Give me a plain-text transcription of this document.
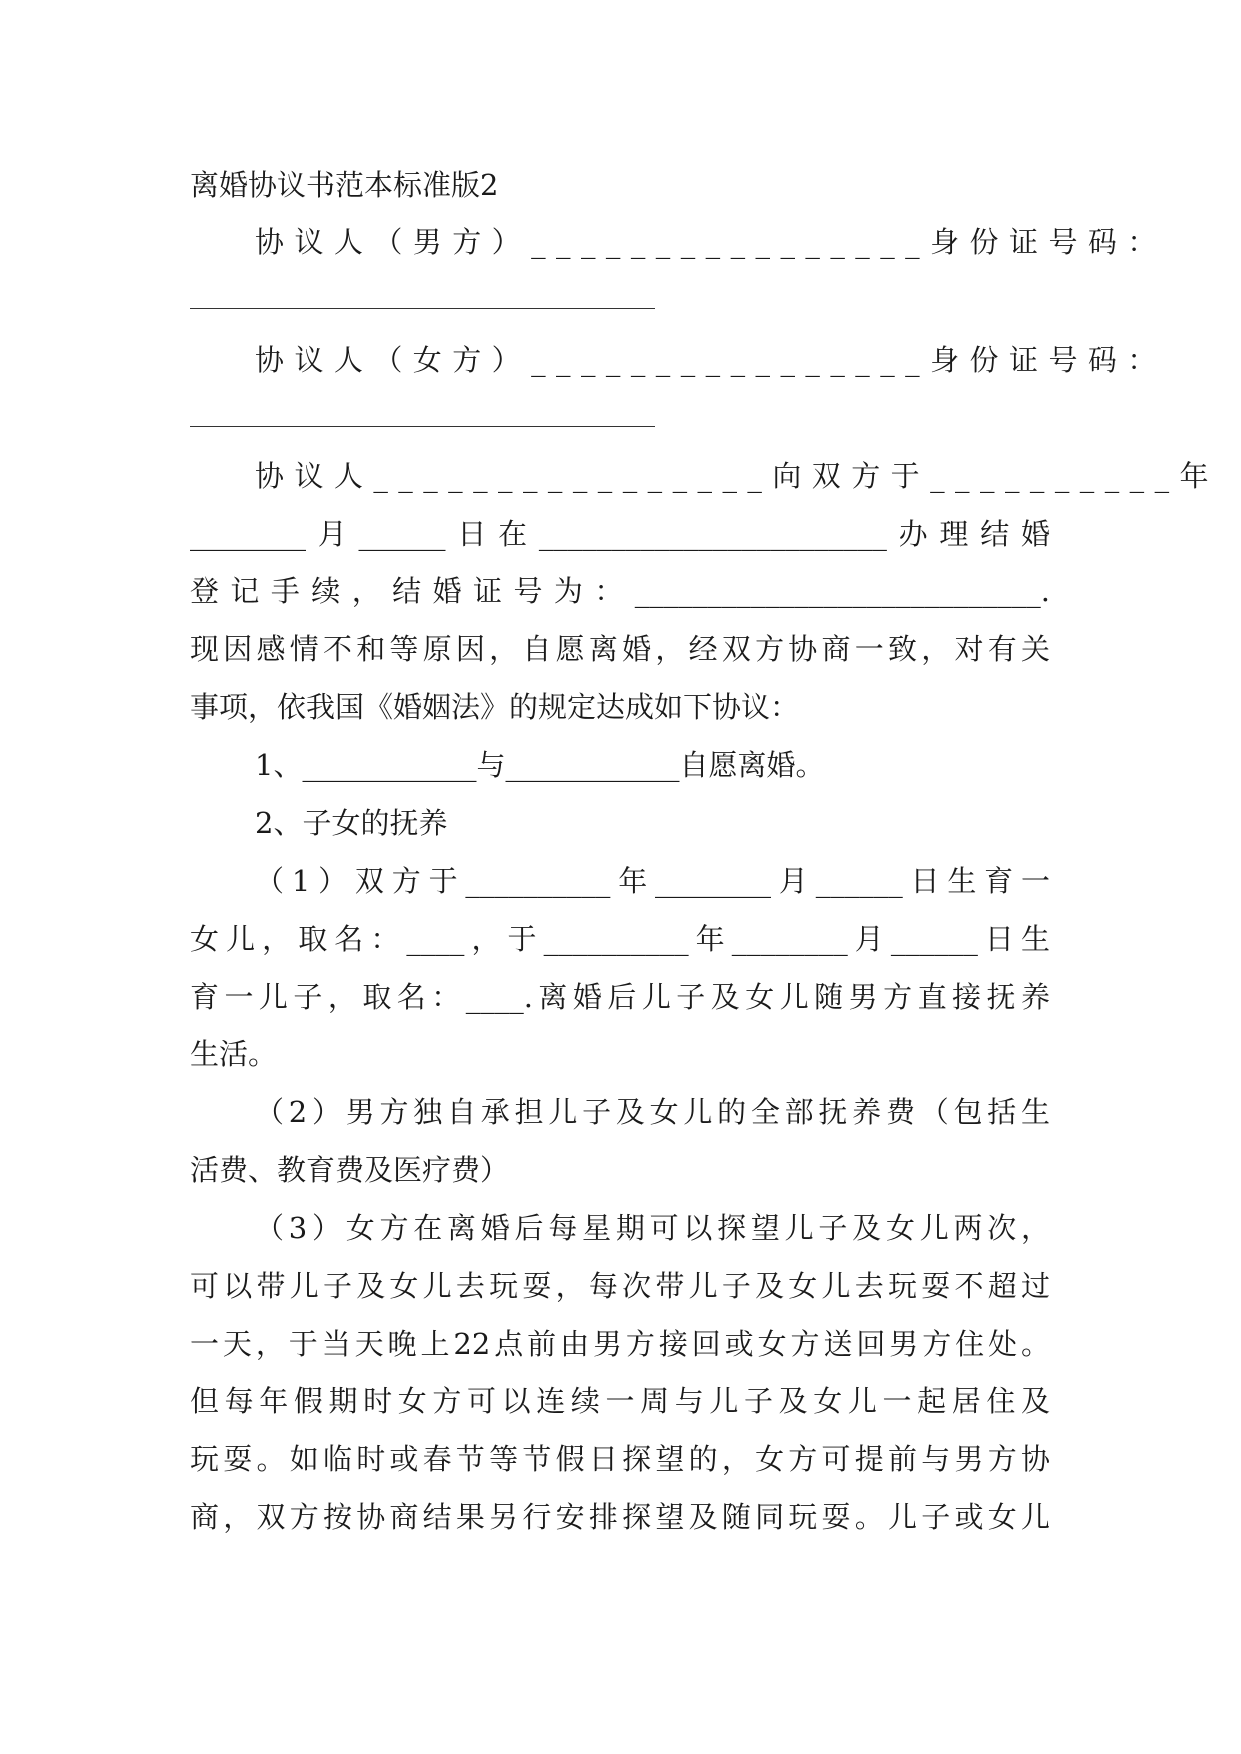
离婚协议书范本标准版2
协议人（男方）________________身份证号码：
协议人（女方）________________身份证号码：
协议人________________向双方于__________年
________月______日在________________________办理结婚
登记手续，结婚证号为：____________________________.
现因感情不和等原因，自愿离婚，经双方协商一致，对有关
事项，依我国《婚姻法》的规定达成如下协议：
1、____________与____________自愿离婚。
2、子女的抚养
（1）双方于__________年________月______日生育一
女儿，取名：____，于__________年________月______日生
育一儿子，取名：____.离婚后儿子及女儿随男方直接抚养
生活。
（2）男方独自承担儿子及女儿的全部抚养费（包括生
活费、教育费及医疗费）
（3）女方在离婚后每星期可以探望儿子及女儿两次，
可以带儿子及女儿去玩耍，每次带儿子及女儿去玩耍不超过
一天，于当天晚上22点前由男方接回或女方送回男方住处。
但每年假期时女方可以连续一周与儿子及女儿一起居住及
玩耍。如临时或春节等节假日探望的，女方可提前与男方协
商，双方按协商结果另行安排探望及随同玩耍。儿子或女儿
